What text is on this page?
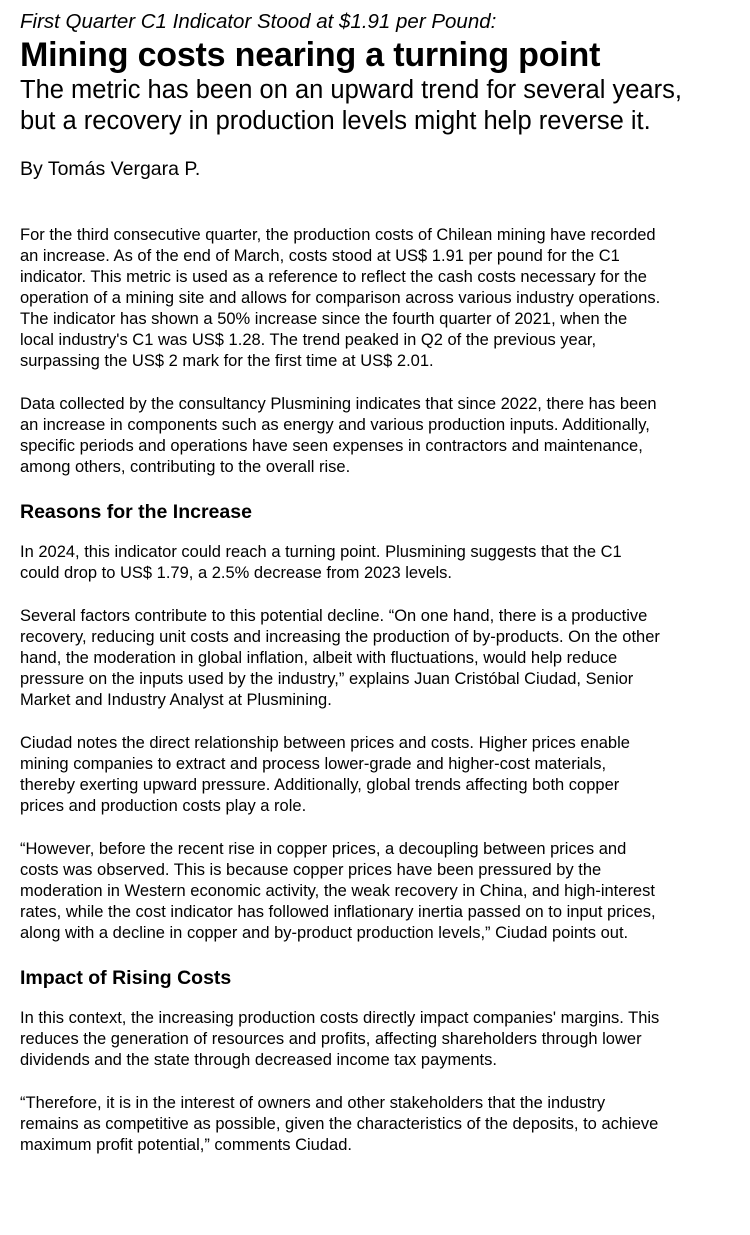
First Quarter C1 Indicator Stood at $1.91 per Pound:

Mining costs nearing a turning point
The metric has been on an upward trend for several years,
but a recovery in production levels might help reverse it.

By Tomás Vergara P.

For the third consecutive quarter, the production costs of Chilean mining have recorded
an increase. As of the end of March, costs stood at US$ 1.91 per pound for the C1
indicator. This metric is used as a reference to reflect the cash costs necessary for the
operation of a mining site and allows for comparison across various industry operations.
The indicator has shown a 50% increase since the fourth quarter of 2021, when the
local industry's C1 was US$ 1.28. The trend peaked in Q2 of the previous year,
surpassing the US$ 2 mark for the first time at US$ 2.01.

Data collected by the consultancy Plusmining indicates that since 2022, there has been
an increase in components such as energy and various production inputs. Additionally,
specific periods and operations have seen expenses in contractors and maintenance,
among others, contributing to the overall rise.

Reasons for the Increase

In 2024, this indicator could reach a turning point. Plusmining suggests that the C1
could drop to US$ 1.79, a 2.5% decrease from 2023 levels.

Several factors contribute to this potential decline. “On one hand, there is a productive
recovery, reducing unit costs and increasing the production of by-products. On the other
hand, the moderation in global inflation, albeit with fluctuations, would help reduce
pressure on the inputs used by the industry,” explains Juan Cristóbal Ciudad, Senior
Market and Industry Analyst at Plusmining.

Ciudad notes the direct relationship between prices and costs. Higher prices enable
mining companies to extract and process lower-grade and higher-cost materials,
thereby exerting upward pressure. Additionally, global trends affecting both copper
prices and production costs play a role.

“However, before the recent rise in copper prices, a decoupling between prices and
costs was observed. This is because copper prices have been pressured by the
moderation in Western economic activity, the weak recovery in China, and high-interest
rates, while the cost indicator has followed inflationary inertia passed on to input prices,
along with a decline in copper and by-product production levels,” Ciudad points out.

Impact of Rising Costs

In this context, the increasing production costs directly impact companies' margins. This
reduces the generation of resources and profits, affecting shareholders through lower
dividends and the state through decreased income tax payments.

“Therefore, it is in the interest of owners and other stakeholders that the industry
remains as competitive as possible, given the characteristics of the deposits, to achieve
maximum profit potential,” comments Ciudad.
